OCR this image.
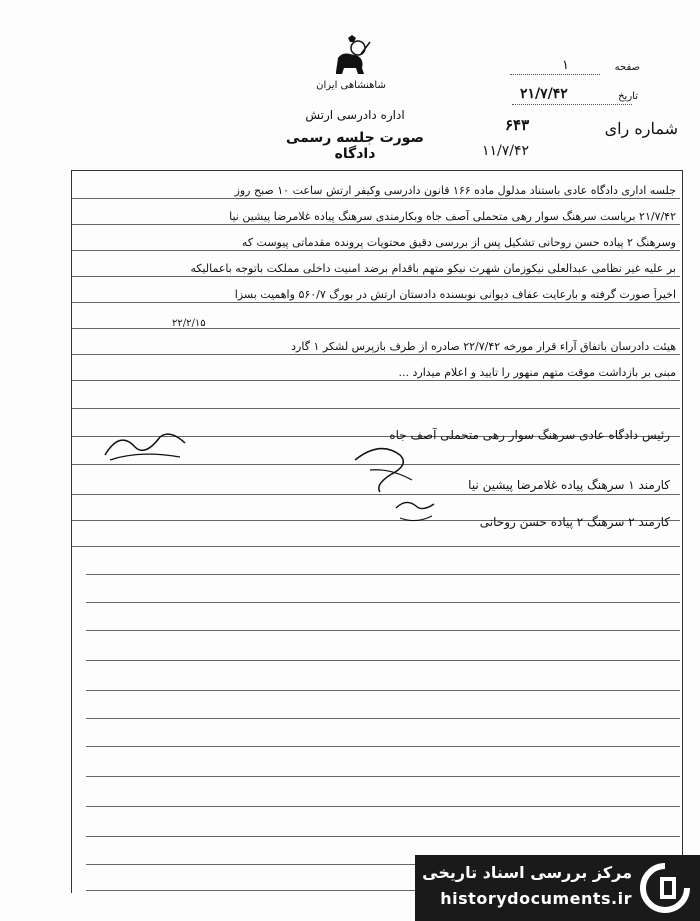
شاهنشاهی ایران
اداره دادرسی ارتش
صورت جلسه رسمی دادگاه
صفحه
۱
تاریخ
۲۱/۷/۴۲
شماره رای
۶۴۳
۱۱/۷/۴۲
جلسه اداری دادگاه عادی باستناد مدلول ماده ۱۶۶ قانون دادرسی وکیفر ارتش ساعت ۱۰ صبح روز
۲۱/۷/۴۲ بریاست سرهنگ سوار رهی متحملی آصف جاه وبکارمندی سرهنگ پیاده غلامرضا پیشین نیا
وسرهنگ ۲ پیاده حسن روحانی تشکیل پس از بررسی دقیق محتویات پرونده مقدماتی پیوست که
بر علیه غیر نظامی عبدالعلی نیکوزمان شهرت نیکو متهم باقدام برضد امنیت داخلی مملکت باتوجه باعمالیکه
اخیراً صورت گرفته و بارعایت عفاف دیوانی نوبسنده دادستان ارتش در بورگ ۵۶۰/۷ واهمیت بسزا
۲۲/۲/۱۵
هیئت دادرسان باتفاق آراء قرار مورخه ۲۲/۷/۴۲ صادره از طرف بازپرس لشکر ۱ گارد
مبنی بر بازداشت موقت متهم منهور را تایید و اعلام میدارد ...
رئیس دادگاه عادی سرهنگ سوار رهی متحملی آصف جاه
کارمند ۱ سرهنگ پیاده غلامرضا پیشین نیا
کارمند ۲ سرهنگ ۲ پیاده حسن روحانی
مرکز بررسی اسناد تاریخی
historydocuments.ir
